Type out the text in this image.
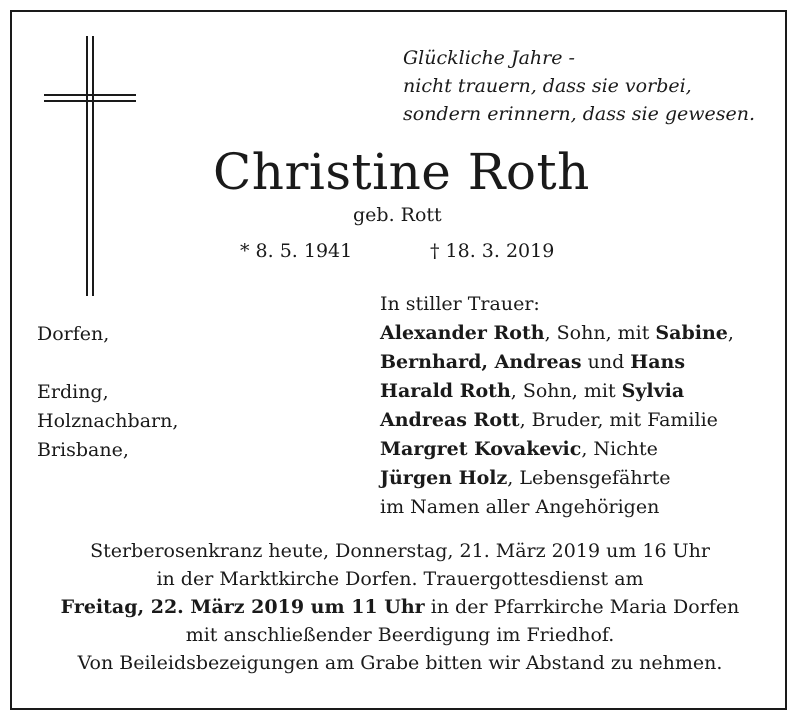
Glückliche Jahre -
nicht trauern, dass sie vorbei,
sondern erinnern, dass sie gewesen.
Christine Roth
geb. Rott
* 8. 5. 1941	† 18. 3. 2019
Dorfen,
Erding,
Holznachbarn,
Brisbane,
In stiller Trauer:
Alexander Roth, Sohn, mit Sabine,
Bernhard, Andreas und Hans
Harald Roth, Sohn, mit Sylvia
Andreas Rott, Bruder, mit Familie
Margret Kovakevic, Nichte
Jürgen Holz, Lebensgefährte
im Namen aller Angehörigen
Sterberosenkranz heute, Donnerstag, 21. März 2019 um 16 Uhr
in der Marktkirche Dorfen. Trauergottesdienst am
Freitag, 22. März 2019 um 11 Uhr in der Pfarrkirche Maria Dorfen
mit anschließender Beerdigung im Friedhof.
Von Beileidsbezeigungen am Grabe bitten wir Abstand zu nehmen.
